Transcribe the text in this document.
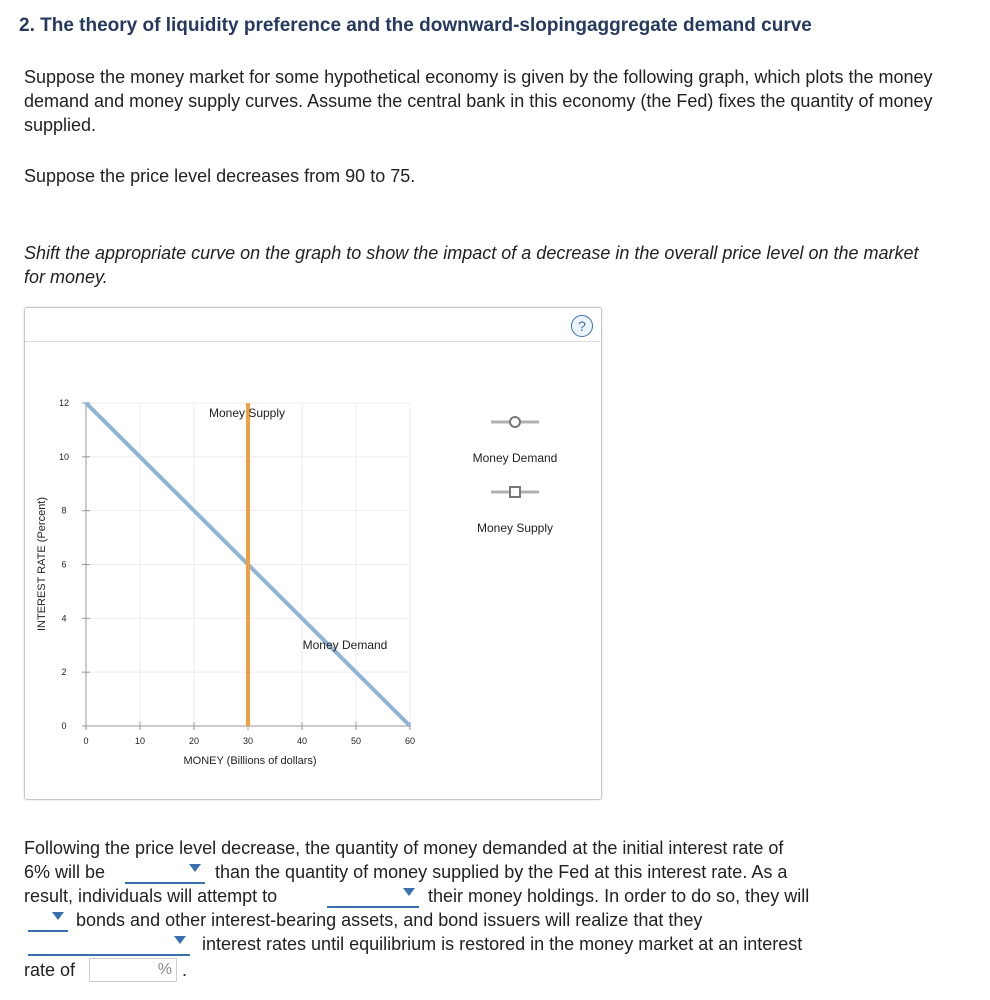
2. The theory of liquidity preference and the downward-slopingaggregate demand curve
Suppose the money market for some hypothetical economy is given by the following graph, which plots the money demand and money supply curves. Assume the central bank in this economy (the Fed) fixes the quantity of money supplied.
Suppose the price level decreases from 90 to 75.
Shift the appropriate curve on the graph to show the impact of a decrease in the overall price level on the market for money.
?
INTEREST RATE (Percent)
MONEY (Billions of dollars)
0	10	20	30	40	50	60
0
2
4
6
8
10
12
Money Supply
Money Demand
Money Demand
Money Supply
Following the price level decrease, the quantity of money demanded at the initial interest rate of
6% will be	than the quantity of money supplied by the Fed at this interest rate. As a
result, individuals will attempt to	their money holdings. In order to do so, they will
bonds and other interest-bearing assets, and bond issuers will realize that they
interest rates until equilibrium is restored in the money market at an interest
rate of	% .
